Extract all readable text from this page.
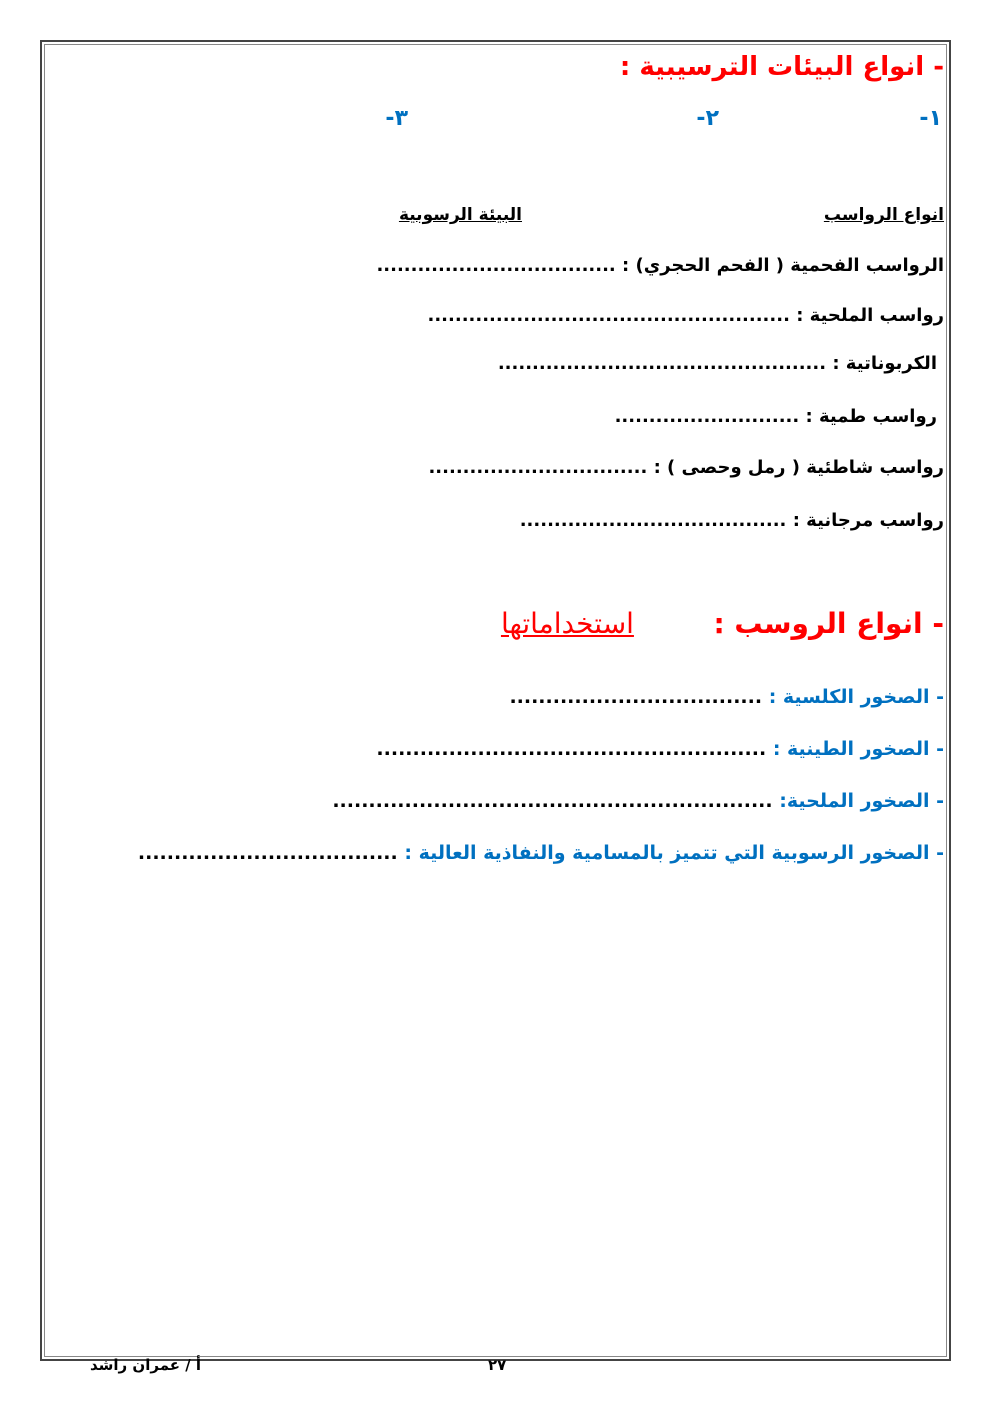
- انواع البيئات الترسيبية :
١-
٢-
٣-
انواع الرواسب
البيئة الرسوبية
الرواسب الفحمية ( الفحم الحجري) : ...................................
رواسب الملحية : .....................................................
الكربوناتية : ................................................
رواسب طمية : ...........................
رواسب شاطئية ( رمل وحصى ) : ................................
رواسب مرجانية : .......................................
- انواع الروسب :  استخداماتها
- الصخور الكلسية : ...................................
- الصخور الطينية : ......................................................
- الصخور الملحية: .............................................................
- الصخور الرسوبية التي تتميز بالمسامية والنفاذية العالية : ....................................
٢٧
أ / عمران راشد
